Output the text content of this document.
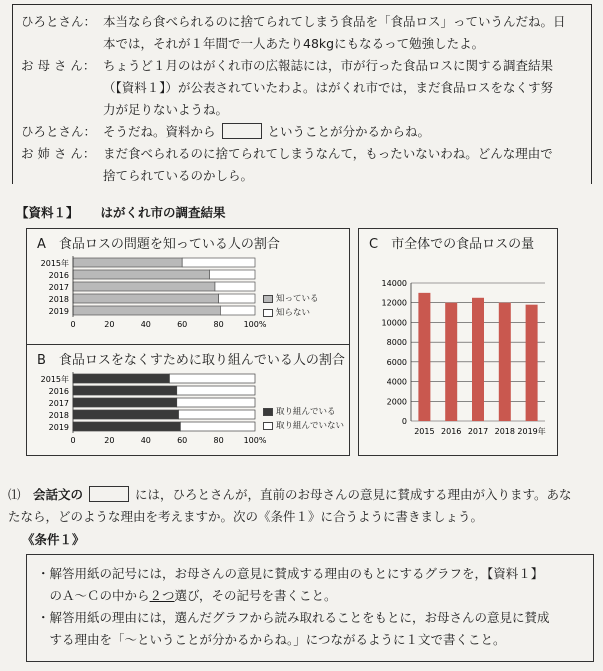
ひろとさん： 本当なら食べられるのに捨てられてしまう食品を「食品ロス」っていうんだね。日
本では，それが１年間で一人あたり48kgにもなるって勉強したよ。
お 母 さ ん： ちょうど１月のはがくれ市の広報誌には，市が行った食品ロスに関する調査結果
（【資料１】）が公表されていたわよ。はがくれ市では，まだ食品ロスをなくす努
力が足りないようね。
ひろとさん： そうだね。資料から	ということが分かるからね。
お 姉 さ ん： まだ食べられるのに捨てられてしまうなんて，もったいないわね。どんな理由で
捨てられているのかしら。
【資料１】 はがくれ市の調査結果
A　食品ロスの問題を知っている人の割合
2015年
2016
2017
2018
2019
0	20	40	60	80 100%
知っている
知らない
B　食品ロスをなくすために取り組んでいる人の割合
2015年
2016
2017
2018
2019
0	20	40	60	80 100%
取り組んでいる
取り組んでいない
C　市全体での食品ロスの量
0
2000
4000
6000
8000
10000
12000
14000
2015 2016 2017 2018 2019年
⑴　 会話文の	には，ひろとさんが，直前のお母さんの意見に賛成する理由が入ります。あな
たなら，どのような理由を考えますか。次の《条件１》に合うように書きましょう。
《条件１》
・解答用紙の記号には，お母さんの意見に賛成する理由のもとにするグラフを，【資料１】
　のＡ～Ｃの中から２つ選び，その記号を書くこと。
・解答用紙の理由には，選んだグラフから読み取れることをもとに，お母さんの意見に賛成
　する理由を「～ということが分かるからね。」につながるように１文で書くこと。
